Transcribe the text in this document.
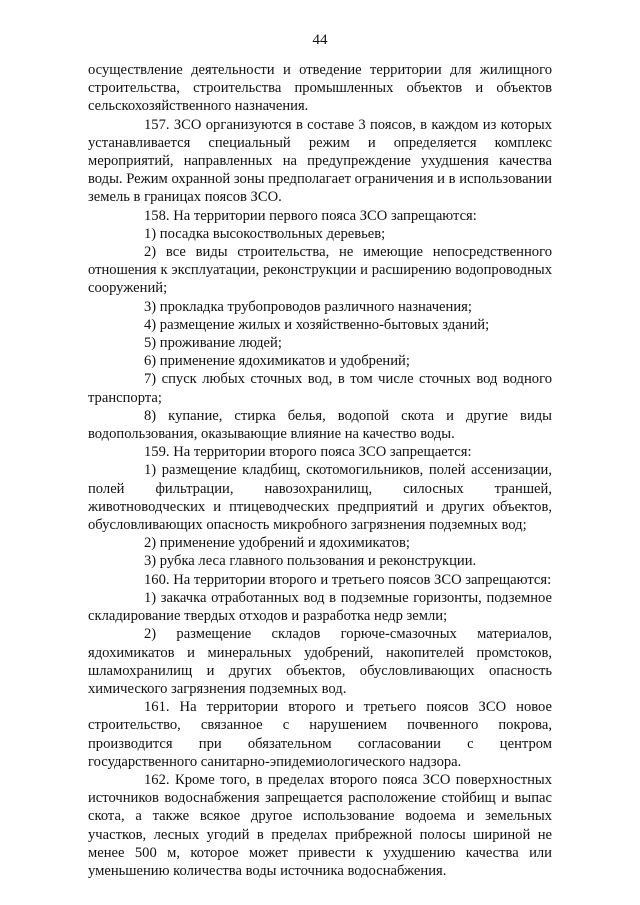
44

осуществление деятельности и отведение территории для жилищного строительства, строительства промышленных объектов и объектов сельскохозяйственного назначения.

157. ЗСО организуются в составе 3 поясов, в каждом из которых устанавливается специальный режим и определяется комплекс мероприятий, направленных на предупреждение ухудшения качества воды. Режим охранной зоны предполагает ограничения и в использовании земель в границах поясов ЗСО.

158. На территории первого пояса ЗСО запрещаются:

1) посадка высокоствольных деревьев;

2) все виды строительства, не имеющие непосредственного отношения к эксплуатации, реконструкции и расширению водопроводных сооружений;

3) прокладка трубопроводов различного назначения;

4) размещение жилых и хозяйственно-бытовых зданий;

5) проживание людей;

6) применение ядохимикатов и удобрений;

7) спуск любых сточных вод, в том числе сточных вод водного транспорта;

8) купание, стирка белья, водопой скота и другие виды водопользования, оказывающие влияние на качество воды.

159. На территории второго пояса ЗСО запрещается:

1) размещение кладбищ, скотомогильников, полей ассенизации, полей фильтрации, навозохранилищ, силосных траншей, животноводческих и птицеводческих предприятий и других объектов, обусловливающих опасность микробного загрязнения подземных вод;

2) применение удобрений и ядохимикатов;

3) рубка леса главного пользования и реконструкции.

160. На территории второго и третьего поясов ЗСО запрещаются:

1) закачка отработанных вод в подземные горизонты, подземное складирование твердых отходов и разработка недр земли;

2) размещение складов горюче-смазочных материалов, ядохимикатов и минеральных удобрений, накопителей промстоков, шламохранилищ и других объектов, обусловливающих опасность химического загрязнения подземных вод.

161. На территории второго и третьего поясов ЗСО новое строительство, связанное с нарушением почвенного покрова, производится при обязательном согласовании с центром государственного санитарно-эпидемиологического надзора.

162. Кроме того, в пределах второго пояса ЗСО поверхностных источников водоснабжения запрещается расположение стойбищ и выпас скота, а также всякое другое использование водоема и земельных участков, лесных угодий в пределах прибрежной полосы шириной не менее 500 м, которое может привести к ухудшению качества или уменьшению количества воды источника водоснабжения.
